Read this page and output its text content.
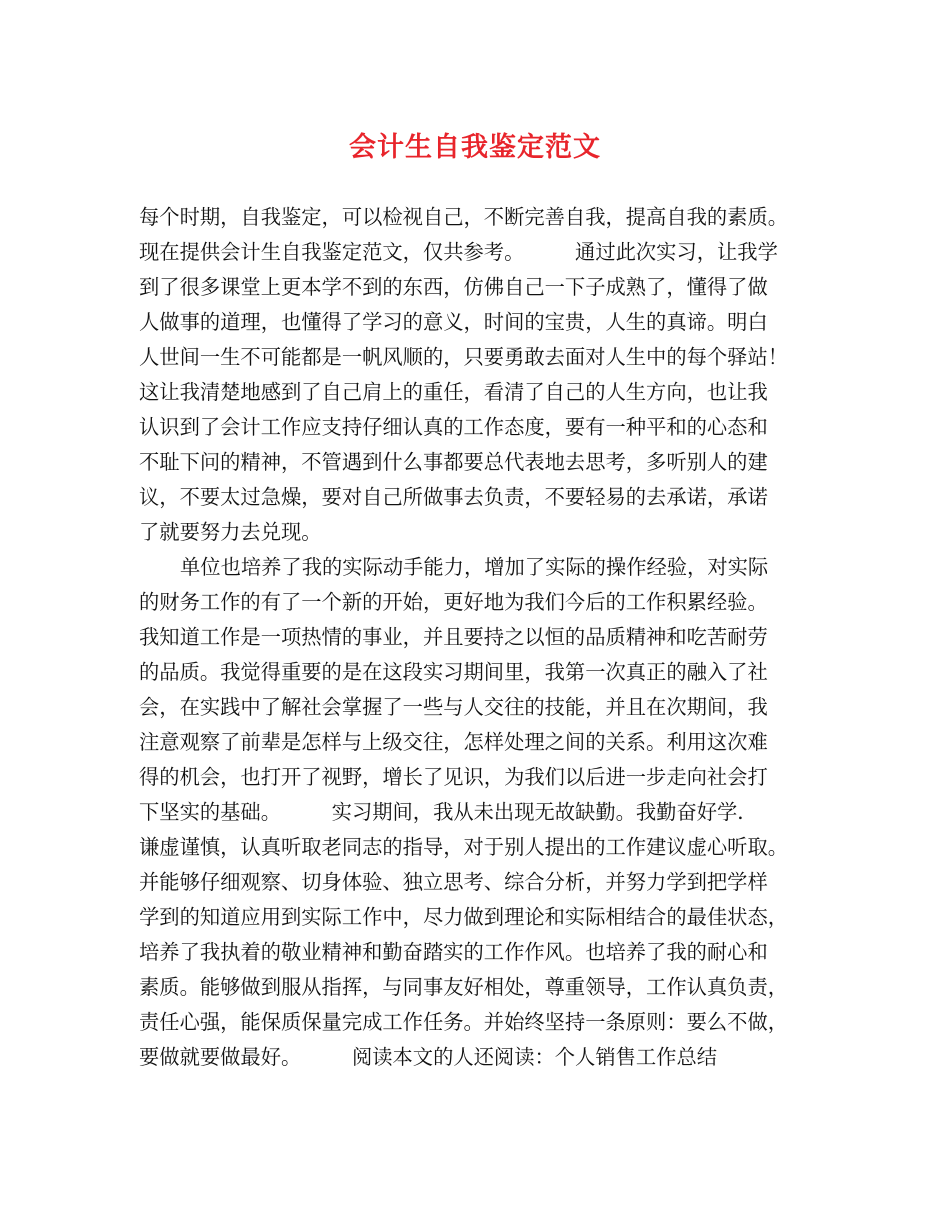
会计生自我鉴定范文
每个时期，自我鉴定，可以检视自己，不断完善自我，提高自我的素质。
现在提供会计生自我鉴定范文，仅共参考。　　　通过此次实习，让我学
到了很多课堂上更本学不到的东西，仿佛自己一下子成熟了，懂得了做
人做事的道理，也懂得了学习的意义，时间的宝贵，人生的真谛。明白
人世间一生不可能都是一帆风顺的，只要勇敢去面对人生中的每个驿站！
这让我清楚地感到了自己肩上的重任，看清了自己的人生方向，也让我
认识到了会计工作应支持仔细认真的工作态度，要有一种平和的心态和
不耻下问的精神，不管遇到什么事都要总代表地去思考，多听别人的建
议，不要太过急燥，要对自己所做事去负责，不要轻易的去承诺，承诺
了就要努力去兑现。
单位也培养了我的实际动手能力，增加了实际的操作经验，对实际
的财务工作的有了一个新的开始，更好地为我们今后的工作积累经验。
我知道工作是一项热情的事业，并且要持之以恒的品质精神和吃苦耐劳
的品质。我觉得重要的是在这段实习期间里，我第一次真正的融入了社
会，在实践中了解社会掌握了一些与人交往的技能，并且在次期间，我
注意观察了前辈是怎样与上级交往，怎样处理之间的关系。利用这次难
得的机会，也打开了视野，增长了见识，为我们以后进一步走向社会打
下坚实的基础。　　　实习期间，我从未出现无故缺勤。我勤奋好学．
谦虚谨慎，认真听取老同志的指导，对于别人提出的工作建议虚心听取。
并能够仔细观察、切身体验、独立思考、综合分析，并努力学到把学样
学到的知道应用到实际工作中，尽力做到理论和实际相结合的最佳状态，
培养了我执着的敬业精神和勤奋踏实的工作作风。也培养了我的耐心和
素质。能够做到服从指挥，与同事友好相处，尊重领导，工作认真负责，
责任心强，能保质保量完成工作任务。并始终坚持一条原则：要么不做，
要做就要做最好。　　　阅读本文的人还阅读：个人销售工作总结
